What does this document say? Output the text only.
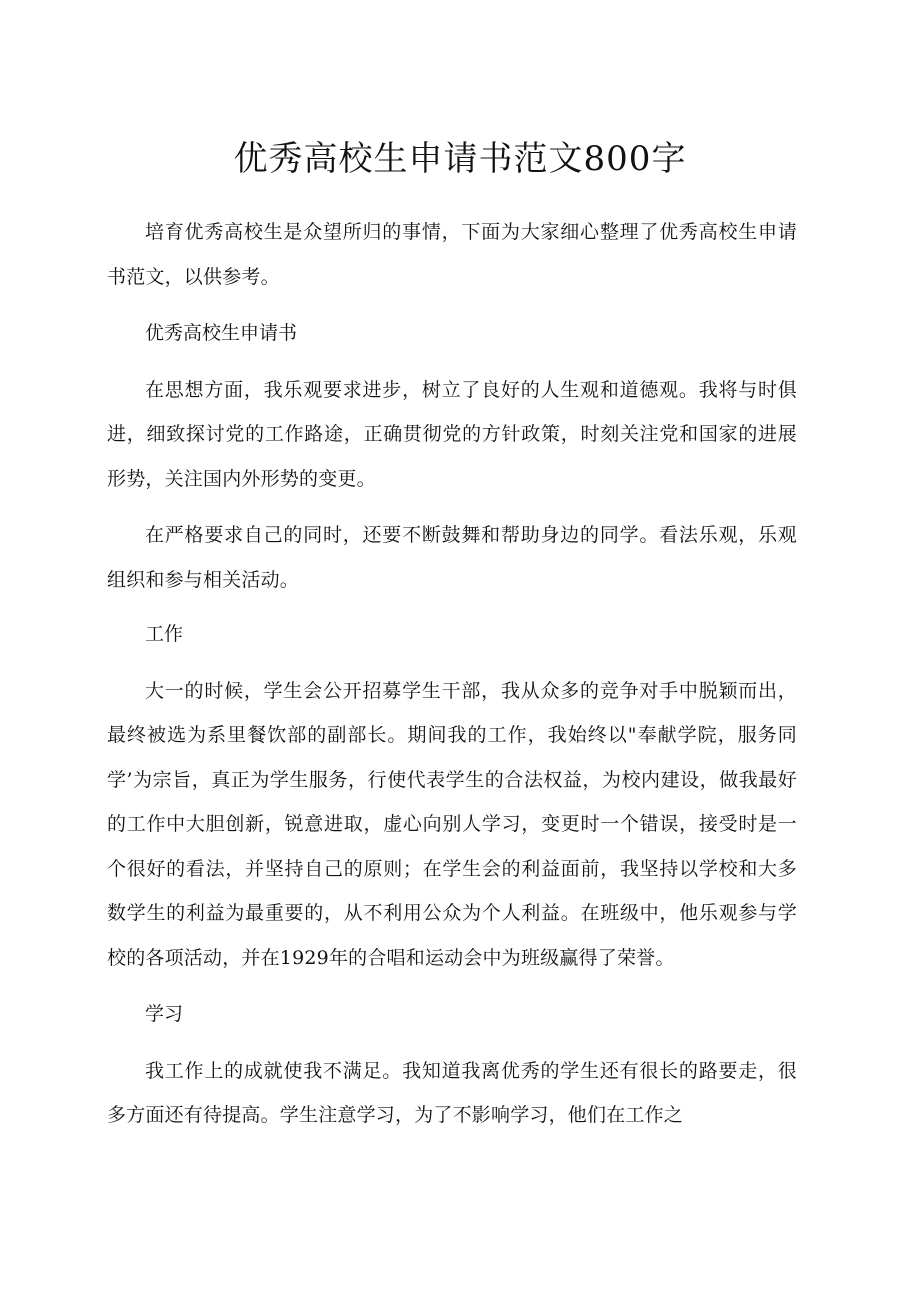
优秀高校生申请书范文800字

培育优秀高校生是众望所归的事情，下面为大家细心整理了优秀高校生申请书范文，以供参考。

优秀高校生申请书

在思想方面，我乐观要求进步，树立了良好的人生观和道德观。我将与时俱进，细致探讨党的工作路途，正确贯彻党的方针政策，时刻关注党和国家的进展形势，关注国内外形势的变更。

在严格要求自己的同时，还要不断鼓舞和帮助身边的同学。看法乐观，乐观组织和参与相关活动。

工作

大一的时候，学生会公开招募学生干部，我从众多的竞争对手中脱颖而出，最终被选为系里餐饮部的副部长。期间我的工作，我始终以"奉献学院，服务同学’为宗旨，真正为学生服务，行使代表学生的合法权益，为校内建设，做我最好的工作中大胆创新，锐意进取，虚心向别人学习，变更时一个错误，接受时是一个很好的看法，并坚持自己的原则；在学生会的利益面前，我坚持以学校和大多数学生的利益为最重要的，从不利用公众为个人利益。在班级中，他乐观参与学校的各项活动，并在1929年的合唱和运动会中为班级赢得了荣誉。

学习

我工作上的成就使我不满足。我知道我离优秀的学生还有很长的路要走，很多方面还有待提高。学生注意学习，为了不影响学习，他们在工作之
